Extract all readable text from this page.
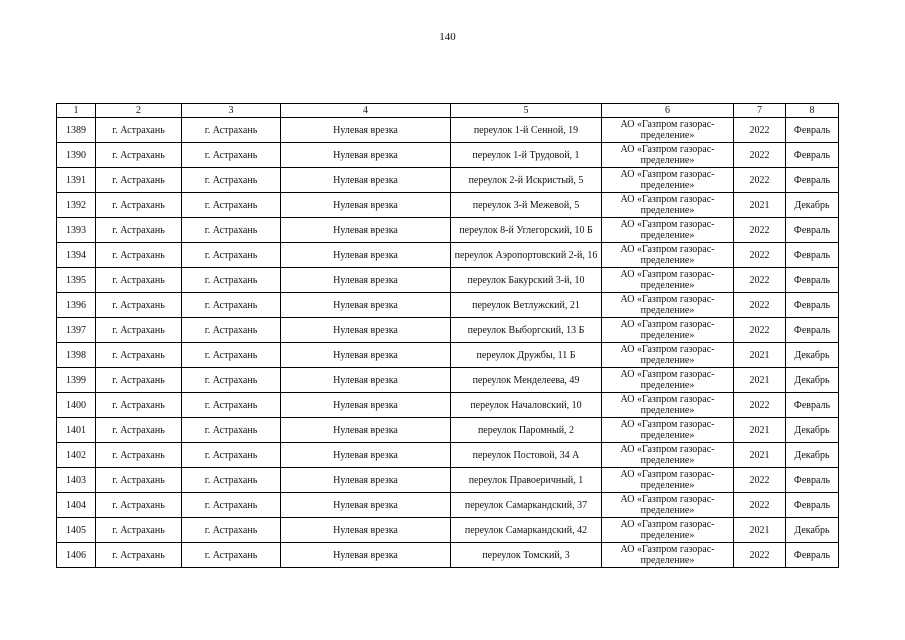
140
1	2	3	4	5	6	7	8
1389	г. Астрахань	г. Астрахань	Нулевая врезка	переулок 1-й Сенной, 19	АО «Газпром газорас-пределение»	2022	Февраль
1390	г. Астрахань	г. Астрахань	Нулевая врезка	переулок 1-й Трудовой, 1	АО «Газпром газорас-пределение»	2022	Февраль
1391	г. Астрахань	г. Астрахань	Нулевая врезка	переулок 2-й Искристый, 5	АО «Газпром газорас-пределение»	2022	Февраль
1392	г. Астрахань	г. Астрахань	Нулевая врезка	переулок 3-й Межевой, 5	АО «Газпром газорас-пределение»	2021	Декабрь
1393	г. Астрахань	г. Астрахань	Нулевая врезка	переулок 8-й Углегорский, 10 Б	АО «Газпром газорас-пределение»	2022	Февраль
1394	г. Астрахань	г. Астрахань	Нулевая врезка	переулок Аэропортовский 2-й, 16	АО «Газпром газорас-пределение»	2022	Февраль
1395	г. Астрахань	г. Астрахань	Нулевая врезка	переулок Бакурский 3-й, 10	АО «Газпром газорас-пределение»	2022	Февраль
1396	г. Астрахань	г. Астрахань	Нулевая врезка	переулок Ветлужский, 21	АО «Газпром газорас-пределение»	2022	Февраль
1397	г. Астрахань	г. Астрахань	Нулевая врезка	переулок Выборгский, 13 Б	АО «Газпром газорас-пределение»	2022	Февраль
1398	г. Астрахань	г. Астрахань	Нулевая врезка	переулок Дружбы, 11 Б	АО «Газпром газорас-пределение»	2021	Декабрь
1399	г. Астрахань	г. Астрахань	Нулевая врезка	переулок Менделеева, 49	АО «Газпром газорас-пределение»	2021	Декабрь
1400	г. Астрахань	г. Астрахань	Нулевая врезка	переулок Началовский, 10	АО «Газпром газорас-пределение»	2022	Февраль
1401	г. Астрахань	г. Астрахань	Нулевая врезка	переулок Паромный, 2	АО «Газпром газорас-пределение»	2021	Декабрь
1402	г. Астрахань	г. Астрахань	Нулевая врезка	переулок Постовой, 34 А	АО «Газпром газорас-пределение»	2021	Декабрь
1403	г. Астрахань	г. Астрахань	Нулевая врезка	переулок Правоеричный, 1	АО «Газпром газорас-пределение»	2022	Февраль
1404	г. Астрахань	г. Астрахань	Нулевая врезка	переулок Самаркандский, 37	АО «Газпром газорас-пределение»	2022	Февраль
1405	г. Астрахань	г. Астрахань	Нулевая врезка	переулок Самаркандский, 42	АО «Газпром газорас-пределение»	2021	Декабрь
1406	г. Астрахань	г. Астрахань	Нулевая врезка	переулок Томский, 3	АО «Газпром газорас-пределение»	2022	Февраль
